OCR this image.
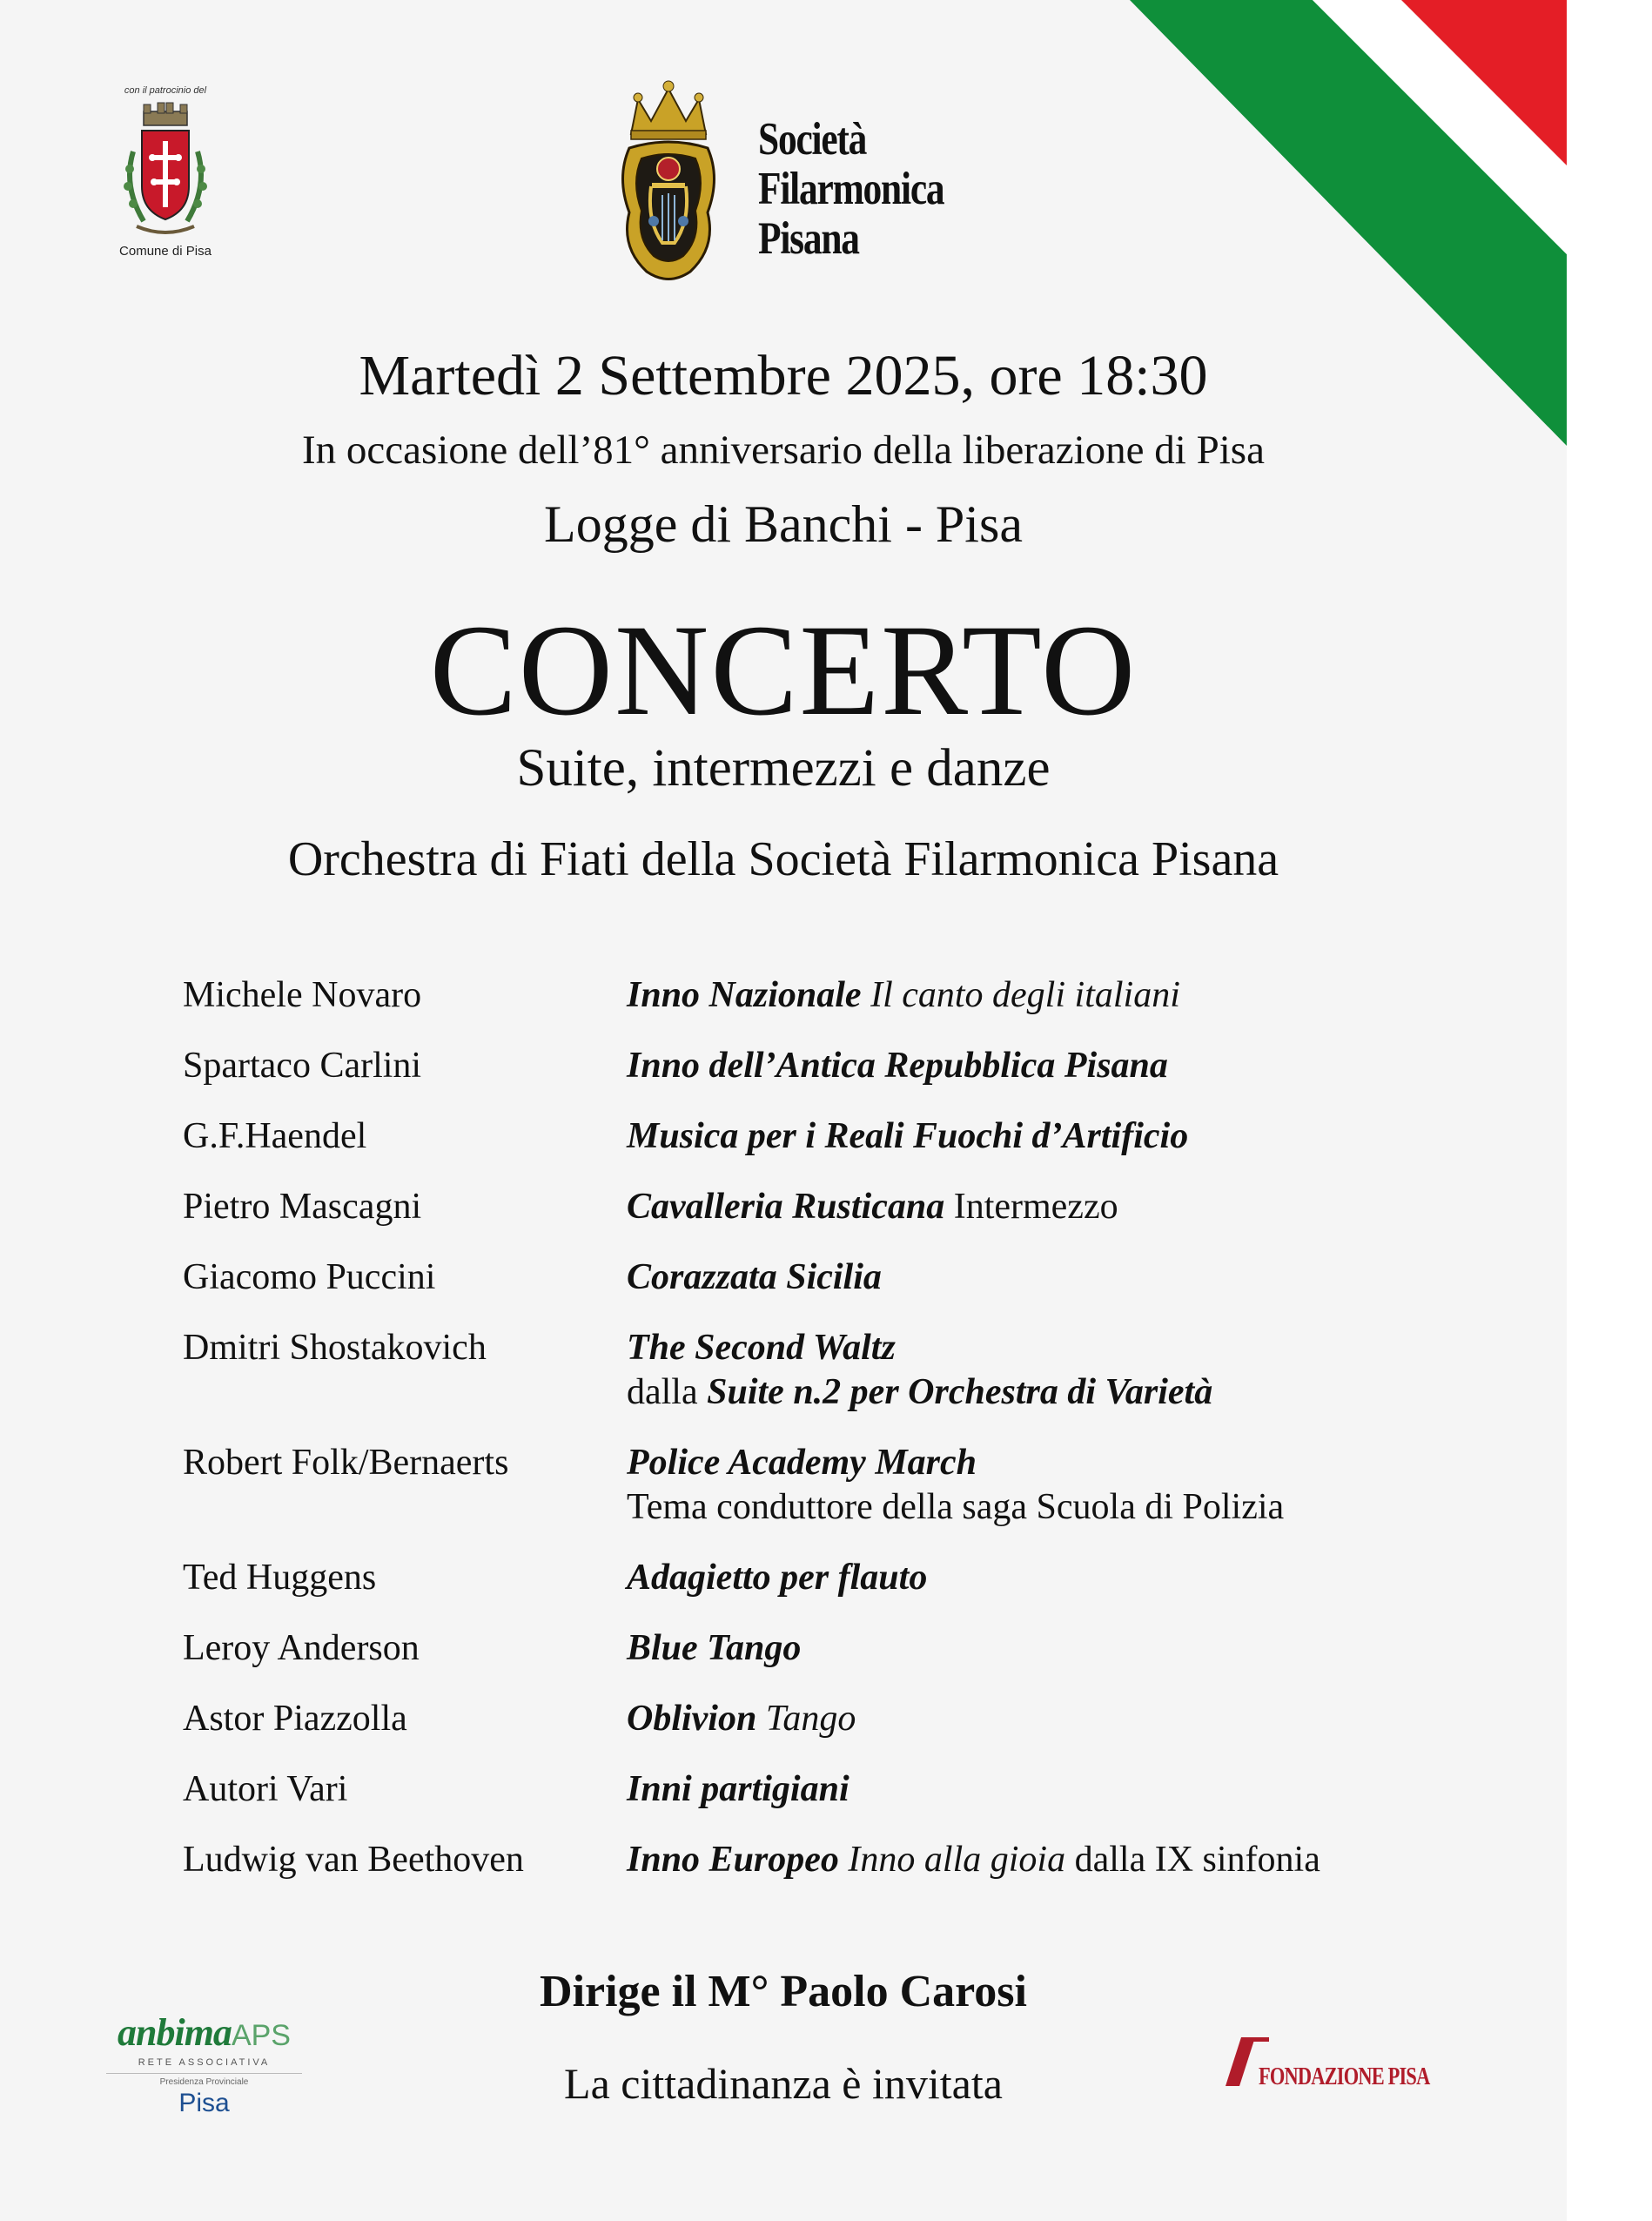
con il patrocinio del
Comune di Pisa
Società
Filarmonica
Pisana
Martedì 2 Settembre 2025, ore 18:30
In occasione dell’81° anniversario della liberazione di Pisa
Logge di Banchi - Pisa
CONCERTO
Suite, intermezzi e danze
Orchestra di Fiati della Società Filarmonica Pisana
Michele Novaro	Inno Nazionale Il canto degli italiani
Spartaco Carlini	Inno dell’Antica Repubblica Pisana
G.F.Haendel	Musica per i Reali Fuochi d’Artificio
Pietro Mascagni	Cavalleria Rusticana Intermezzo
Giacomo Puccini	Corazzata Sicilia
Dmitri Shostakovich	The Second Waltz
dalla Suite n.2 per Orchestra di Varietà
Robert Folk/Bernaerts	Police Academy March
Tema conduttore della saga Scuola di Polizia
Ted Huggens	Adagietto per flauto
Leroy Anderson	Blue Tango
Astor Piazzolla	Oblivion Tango
Autori Vari	Inni partigiani
Ludwig van Beethoven	Inno Europeo Inno alla gioia dalla IX sinfonia
Dirige il M° Paolo Carosi
La cittadinanza è invitata
anbimaAPS
RETE ASSOCIATIVA
Presidenza Provinciale
Pisa
FONDAZIONE PISA
